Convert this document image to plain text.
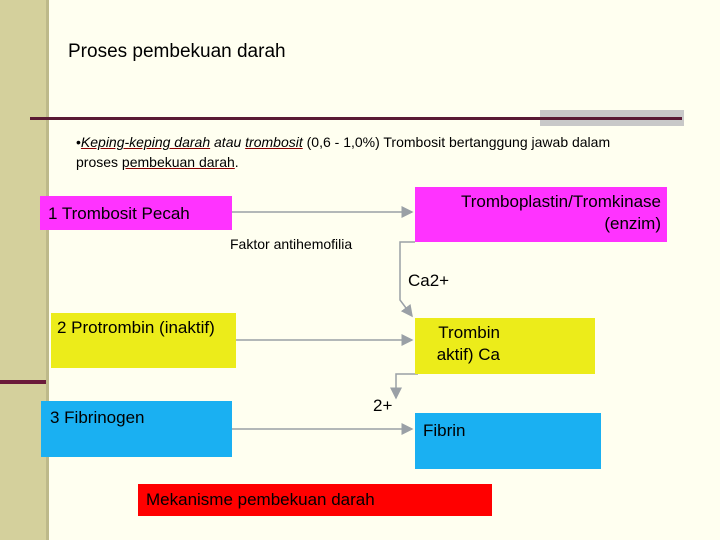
Proses pembekuan darah
•Keping-keping darah atau trombosit (0,6 - 1,0%) Trombosit bertanggung jawab dalam proses pembekuan darah.
1 Trombosit Pecah
Tromboplastin/Tromkinase (enzim)
Faktor antihemofilia
Ca2+
2 Protrombin (inaktif)	Trombin aktif) Ca
2+
3 Fibrinogen
Fibrin
Mekanisme pembekuan darah
